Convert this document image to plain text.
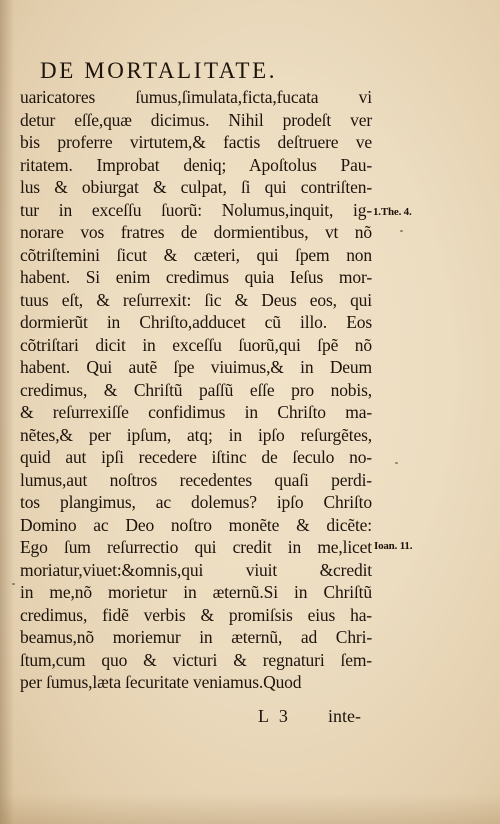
DE MORTALITATE.
uaricatores ſumus,ſimulata,ficta,fucata vi
detur eſſe,quæ dicimus. Nihil prodeſt ver
bis proferre virtutem,& factis deſtruere ve
ritatem. Improbat deniq; Apoſtolus Pau-
lus & obiurgat & culpat, ſi qui contriſten-
tur in exceſſu ſuorũ: Nolumus,inquit, ig-
norare vos fratres de dormientibus, vt nõ
cõtriſtemini ſicut & cæteri, qui ſpem non
habent. Si enim credimus quia Ieſus mor-
tuus eſt, & reſurrexit: ſic & Deus eos, qui
dormierũt in Chriſto,adducet cũ illo. Eos
cõtriſtari dicit in exceſſu ſuorũ,qui ſpẽ nõ
habent. Qui autẽ ſpe viuimus,& in Deum
credimus, & Chriſtũ paſſũ eſſe pro nobis,
& reſurrexiſſe confidimus in Chriſto ma-
nẽtes,& per ipſum, atq; in ipſo reſurgẽtes,
quid aut ipſi recedere iſtinc de ſeculo no-
lumus,aut noſtros recedentes quaſi perdi-
tos plangimus, ac dolemus? ipſo Chriſto
Domino ac Deo noſtro monẽte & dicẽte:
Ego ſum reſurrectio qui credit in me,licet
moriatur,viuet:&omnis,qui viuit &credit
in me,nõ morietur in æternũ.Si in Chriſtũ
credimus, fidẽ verbis & promiſsis eius ha-
beamus,nõ moriemur in æternũ, ad Chri-
ſtum,cum quo & victuri & regnaturi ſem-
per ſumus,læta ſecuritate veniamus.Quod
1.The. 4.
Ioan. 11.
L 3 inte-
